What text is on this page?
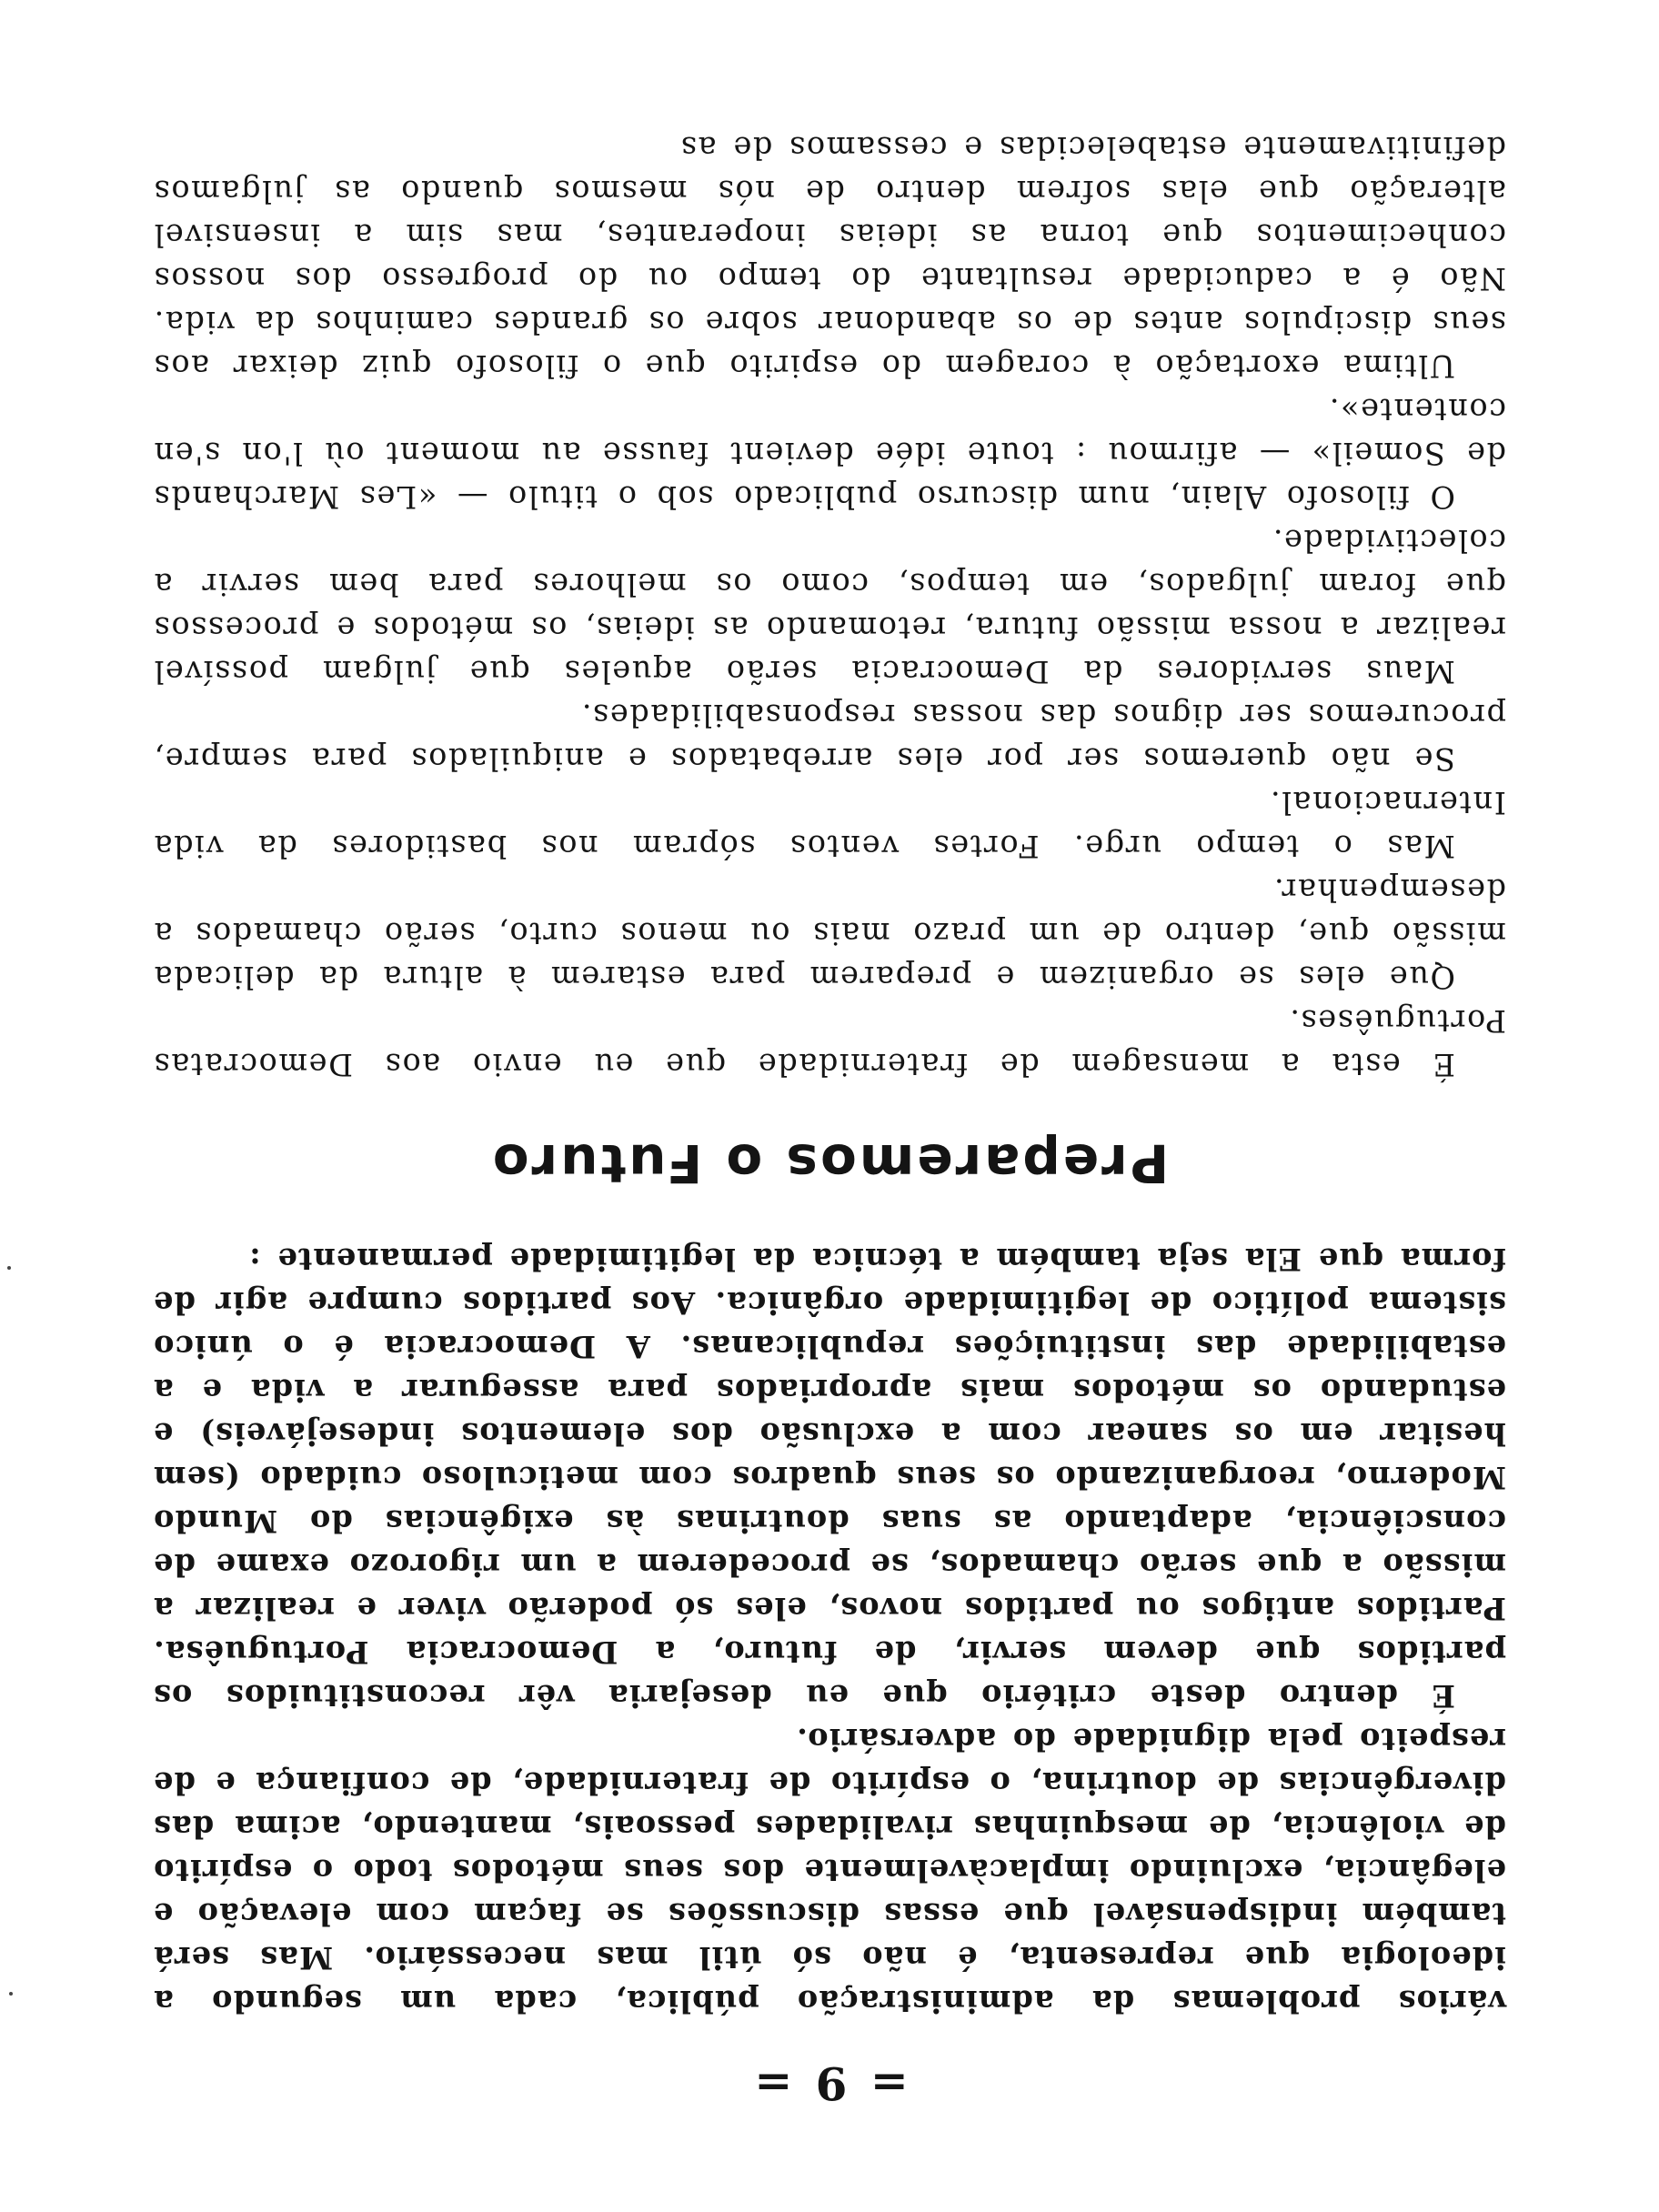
= 9 =

vários problemas da administração pública, cada um segundo a ideologia que representa, é não só útil mas necessário. Mas será também indispensável que essas discussões se façam com elevação e elegância, excluindo implacàvelmente dos seus métodos todo o espírito de violência, de mesquinhas rivalidades pessoais, mantendo, acima das divergências de doutrina, o espírito de fraternidade, de confiança e de respeito pela dignidade do adversário.

É dentro deste critério que eu desejaria vêr reconstituidos os partidos que devem servir, de futuro, a Democracia Portuguêsa. Partidos antigos ou partidos novos, eles só poderão viver e realizar a missão a que serão chamados, se procederem a um rigorozo exame de consciência, adaptando as suas doutrinas às exigências do Mundo Moderno, reorganizando os seus quadros com meticuloso cuidado (sem hesitar em os sanear com a exclusão dos elementos indesejáveis) e estudando os métodos mais apropriados para assegurar a vida e a estabilidade das instituições republicanas. A Democracia é o único sistema político de legitimidade orgânica. Aos partidos cumpre agir de forma que Ela seja também a técnica da legitimidade permanente :

Preparemos o Futuro

É esta a mensagem de fraternidade que eu envio aos Democratas Portuguêses.

Que eles se organizem e preparem para estarem à altura da delicada missão que, dentro de um prazo mais ou menos curto, serão chamados a desempenhar.

Mas o tempo urge. Fortes ventos sópram nos bastidores da vida Internacional.

Se não queremos ser por eles arrebatados e aniquilados para sempre, procuremos ser dignos das nossas responsabilidades.

Maus servidores da Democracia serão aqueles que julgam possível realizar a nossa missão futura, retomando as ideias, os métodos e processos que foram julgados, em tempos, como os melhores para bem servir a colectividade.

O filosofo Alain, num discurso publicado sob o titulo — «Les Marchands de Someil» — afirmou : toute idée devient fausse au moment où l'on s'en contente».

Ultima exortação à coragem do espirito que o filosofo quiz deixar aos seus discipulos antes de os abandonar sobre os grandes caminhos da vida. Não é a caducidade resultante do tempo ou do progresso dos nossos conhecimentos que torna as ideias inoperantes, mas sim a insensivel alteração que elas sofrem dentro de nós mesmos quando as julgamos definitivamente estabelecidas e cessamos de as
